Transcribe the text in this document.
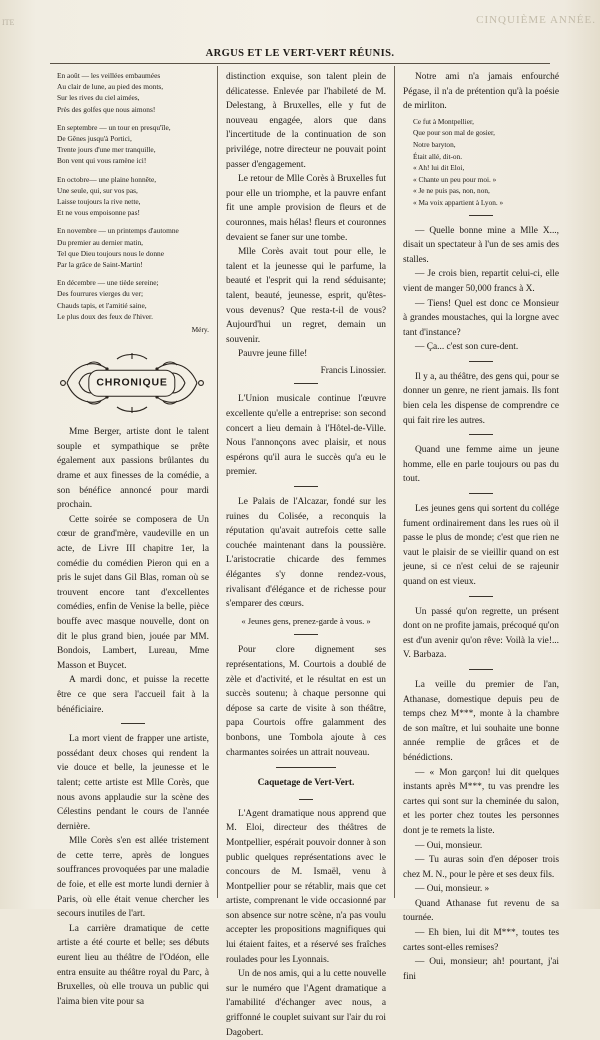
ITE	CINQUIÈME ANNÉE.
ARGUS ET LE VERT-VERT RÉUNIS.
En août — les veillées embaumées
Au clair de lune, au pied des monts,
Sur les rives du ciel aimées,
Près des golfes que nous aimons!
En septembre — un tour en presqu'île,
De Gênes jusqu'à Portici,
Trente jours d'une mer tranquille,
Bon vent qui vous ramène ici!
En octobre— une plaine honnête,
Une seule, qui, sur vos pas,
Laisse toujours la rive nette,
Et ne vous empoisonne pas!
En novembre — un printemps d'automne
Du premier au dernier matin,
Tel que Dieu toujours nous le donne
Par la grâce de Saint-Martin!
En décembre — une tiède sereine;
Des fourrures vierges du ver;
Chauds tapis, et l'amitié saine,
Le plus doux des feux de l'hiver.
Méry.
CHRONIQUE

Mme Berger, artiste dont le talent souple et sympathique se prête également aux passions brûlantes du drame et aux finesses de la comédie, a son bénéfice annoncé pour mardi prochain.

Cette soirée se composera de Un cœur de grand'mère, vaudeville en un acte, de Livre III chapitre 1er, la comédie du comédien Pieron qui en a pris le sujet dans Gil Blas, roman où se trouvent encore tant d'excellentes comédies, enfin de Venise la belle, pièce bouffe avec masque nouvelle, dont on dit le plus grand bien, jouée par MM. Bondois, Lambert, Lureau, Mme Masson et Buycet.

A mardi donc, et puisse la recette être ce que sera l'accueil fait à la bénéficiaire.

La mort vient de frapper une artiste, possédant deux choses qui rendent la vie douce et belle, la jeunesse et le talent; cette artiste est Mlle Corès, que nous avons applaudie sur la scène des Célestins pendant le cours de l'année dernière.

Mlle Corès s'en est allée tristement de cette terre, après de longues souffrances provoquées par une maladie de foie, et elle est morte lundi dernier à Paris, où elle était venue chercher les secours inutiles de l'art.

La carrière dramatique de cette artiste a été courte et belle; ses débuts eurent lieu au théâtre de l'Odéon, elle entra ensuite au théâtre royal du Parc, à Bruxelles, où elle trouva un public qui l'aima bien vite pour sa

distinction exquise, son talent plein de délicatesse. Enlevée par l'habileté de M. Delestang, à Bruxelles, elle y fut de nouveau engagée, alors que dans l'incertitude de la continuation de son privilége, notre directeur ne pouvait point passer d'engagement.

Le retour de Mlle Corès à Bruxelles fut pour elle un triomphe, et la pauvre enfant fit une ample provision de fleurs et de couronnes, mais hélas! fleurs et couronnes devaient se faner sur une tombe.

Mlle Corès avait tout pour elle, le talent et la jeunesse qui le parfume, la beauté et l'esprit qui la rend séduisante; talent, beauté, jeunesse, esprit, qu'êtes-vous devenus? Que resta-t-il de vous? Aujourd'hui un regret, demain un souvenir.

Pauvre jeune fille!

Francis Linossier.

L'Union musicale continue l'œuvre excellente qu'elle a entreprise: son second concert a lieu demain à l'Hôtel-de-Ville. Nous l'annonçons avec plaisir, et nous espérons qu'il aura le succès qu'a eu le premier.

Le Palais de l'Alcazar, fondé sur les ruines du Colisée, a reconquis la réputation qu'avait autrefois cette salle couchée maintenant dans la poussière. L'aristocratie chicarde des femmes élégantes s'y donne rendez-vous, rivalisant d'élégance et de richesse pour s'emparer des cœurs.

« Jeunes gens, prenez-garde à vous. »

Pour clore dignement ses représentations, M. Courtois a doublé de zèle et d'activité, et le résultat en est un succès soutenu; à chaque personne qui dépose sa carte de visite à son théâtre, papa Courtois offre galamment des bonbons, une Tombola ajoute à ces charmantes soirées un attrait nouveau.

Caquetage de Vert-Vert.

L'Agent dramatique nous apprend que M. Eloi, directeur des théâtres de Montpellier, espérait pouvoir donner à son public quelques représentations avec le concours de M. Ismaël, venu à Montpellier pour se rétablir, mais que cet artiste, comprenant le vide occasionné par son absence sur notre scène, n'a pas voulu accepter les propositions magnifiques qui lui étaient faites, et a réservé ses fraîches roulades pour les Lyonnais.

Un de nos amis, qui a lu cette nouvelle sur le numéro que l'Agent dramatique a l'amabilité d'échanger avec nous, a griffonné le couplet suivant sur l'air du roi Dagobert.

Notre ami n'a jamais enfourché Pégase, il n'a de prétention qu'à la poésie de mirliton.

Ce fut à Montpellier,
Que pour son mal de gosier,
Notre baryton,
Était allé, dit-on.
« Ah! lui dit Eloi,
« Chante un peu pour moi. »
« Je ne puis pas, non, non,
« Ma voix appartient à Lyon. »

— Quelle bonne mine a Mlle X..., disait un spectateur à l'un de ses amis des stalles.

— Je crois bien, repartit celui-ci, elle vient de manger 50,000 francs à X.

— Tiens! Quel est donc ce Monsieur à grandes moustaches, qui la lorgne avec tant d'instance?

— Ça... c'est son cure-dent.

Il y a, au théâtre, des gens qui, pour se donner un genre, ne rient jamais. Ils font bien cela les dispense de comprendre ce qui fait rire les autres.

Quand une femme aime un jeune homme, elle en parle toujours ou pas du tout.

Les jeunes gens qui sortent du collége fument ordinairement dans les rues où il passe le plus de monde; c'est que rien ne vaut le plaisir de se vieillir quand on est jeune, si ce n'est celui de se rajeunir quand on est vieux.

Un passé qu'on regrette, un présent dont on ne profite jamais, précoqué qu'on est d'un avenir qu'on rêve: Voilà la vie!... V. Barbaza.

La veille du premier de l'an, Athanase, domestique depuis peu de temps chez M***, monte à la chambre de son maître, et lui souhaite une bonne année remplie de grâces et de bénédictions.

— « Mon garçon! lui dit quelques instants après M***, tu vas prendre les cartes qui sont sur la cheminée du salon, et les porter chez toutes les personnes dont je te remets la liste.

— Oui, monsieur.

— Tu auras soin d'en déposer trois chez M. N., pour le père et ses deux fils.

— Oui, monsieur. »

Quand Athanase fut revenu de sa tournée.

— Eh bien, lui dit M***, toutes tes cartes sont-elles remises?

— Oui, monsieur; ah! pourtant, j'ai fini
